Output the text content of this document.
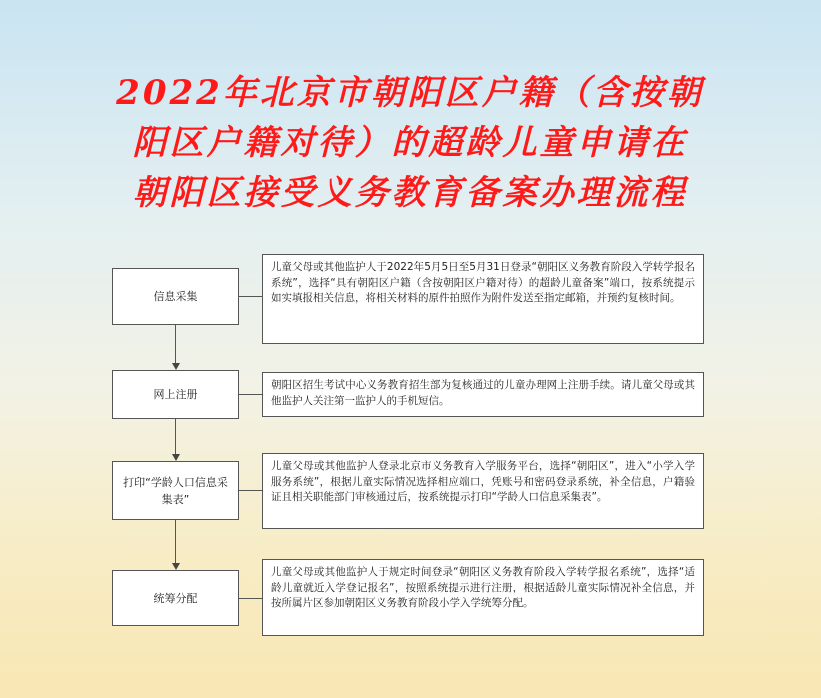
2022年北京市朝阳区户籍（含按朝
阳区户籍对待）的超龄儿童申请在
朝阳区接受义务教育备案办理流程
信息采集
儿童父母或其他监护人于2022年5月5日至5月31日登录“朝阳区义务教育阶段入学转学报名系统”，选择“具有朝阳区户籍（含按朝阳区户籍对待）的超龄儿童备案”端口，按系统提示如实填报相关信息，将相关材料的原件拍照作为附件发送至指定邮箱，并预约复核时间。
网上注册
朝阳区招生考试中心义务教育招生部为复核通过的儿童办理网上注册手续。请儿童父母或其他监护人关注第一监护人的手机短信。
打印“学龄人口信息采集表”
儿童父母或其他监护人登录北京市义务教育入学服务平台，选择“朝阳区”，进入“小学入学服务系统”，根据儿童实际情况选择相应端口，凭账号和密码登录系统，补全信息，户籍验证且相关职能部门审核通过后，按系统提示打印“学龄人口信息采集表”。
统筹分配
儿童父母或其他监护人于规定时间登录“朝阳区义务教育阶段入学转学报名系统”，选择“适龄儿童就近入学登记报名”，按照系统提示进行注册，根据适龄儿童实际情况补全信息，并按所属片区参加朝阳区义务教育阶段小学入学统筹分配。
